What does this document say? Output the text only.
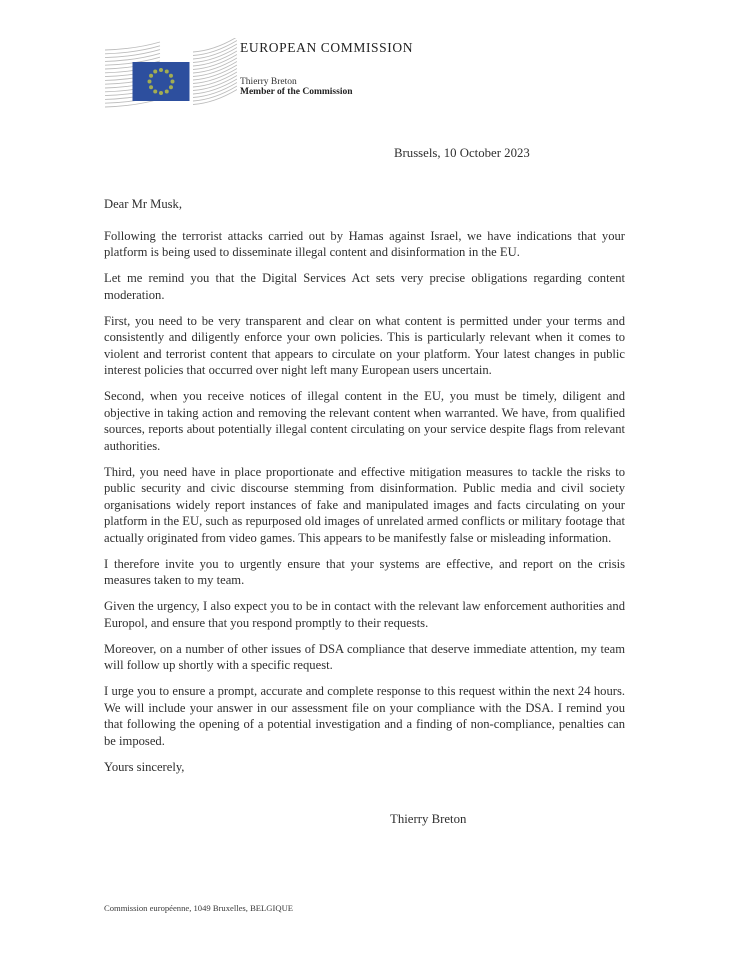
EUROPEAN COMMISSION
Thierry Breton
Member of the Commission
Brussels, 10 October 2023

Dear Mr Musk,

Following the terrorist attacks carried out by Hamas against Israel, we have indications that your platform is being used to disseminate illegal content and disinformation in the EU.

Let me remind you that the Digital Services Act sets very precise obligations regarding content moderation.

First, you need to be very transparent and clear on what content is permitted under your terms and consistently and diligently enforce your own policies. This is particularly relevant when it comes to violent and terrorist content that appears to circulate on your platform. Your latest changes in public interest policies that occurred over night left many European users uncertain.

Second, when you receive notices of illegal content in the EU, you must be timely, diligent and objective in taking action and removing the relevant content when warranted. We have, from qualified sources, reports about potentially illegal content circulating on your service despite flags from relevant authorities.

Third, you need have in place proportionate and effective mitigation measures to tackle the risks to public security and civic discourse stemming from disinformation. Public media and civil society organisations widely report instances of fake and manipulated images and facts circulating on your platform in the EU, such as repurposed old images of unrelated armed conflicts or military footage that actually originated from video games. This appears to be manifestly false or misleading information.

I therefore invite you to urgently ensure that your systems are effective, and report on the crisis measures taken to my team.

Given the urgency, I also expect you to be in contact with the relevant law enforcement authorities and Europol, and ensure that you respond promptly to their requests.

Moreover, on a number of other issues of DSA compliance that deserve immediate attention, my team will follow up shortly with a specific request.

I urge you to ensure a prompt, accurate and complete response to this request within the next 24 hours. We will include your answer in our assessment file on your compliance with the DSA. I remind you that following the opening of a potential investigation and a finding of non-compliance, penalties can be imposed.

Yours sincerely,

Thierry Breton
Commission européenne, 1049 Bruxelles, BELGIQUE
